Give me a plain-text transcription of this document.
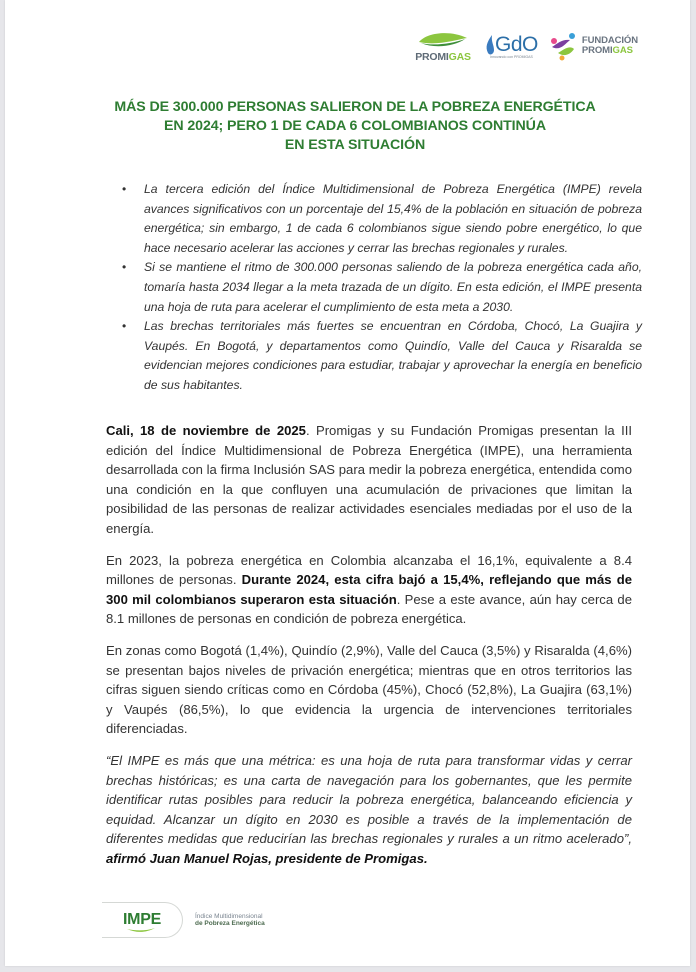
PROMIGAS
GdO
Innovando con PROMIGAS
FUNDACIÓN
PROMIGAS
MÁS DE 300.000 PERSONAS SALIERON DE LA POBREZA ENERGÉTICA
EN 2024; PERO 1 DE CADA 6 COLOMBIANOS CONTINÚA
EN ESTA SITUACIÓN
• La tercera edición del Índice Multidimensional de Pobreza Energética (IMPE) revela avances significativos con un porcentaje del 15,4% de la población en situación de pobreza energética; sin embargo, 1 de cada 6 colombianos sigue siendo pobre energético, lo que hace necesario acelerar las acciones y cerrar las brechas regionales y rurales.
• Si se mantiene el ritmo de 300.000 personas saliendo de la pobreza energética cada año, tomaría hasta 2034 llegar a la meta trazada de un dígito. En esta edición, el IMPE presenta una hoja de ruta para acelerar el cumplimiento de esta meta a 2030.
• Las brechas territoriales más fuertes se encuentran en Córdoba, Chocó, La Guajira y Vaupés. En Bogotá, y departamentos como Quindío, Valle del Cauca y Risaralda se evidencian mejores condiciones para estudiar, trabajar y aprovechar la energía en beneficio de sus habitantes.

Cali, 18 de noviembre de 2025. Promigas y su Fundación Promigas presentan la III edición del Índice Multidimensional de Pobreza Energética (IMPE), una herramienta desarrollada con la firma Inclusión SAS para medir la pobreza energética, entendida como una condición en la que confluyen una acumulación de privaciones que limitan la posibilidad de las personas de realizar actividades esenciales mediadas por el uso de la energía.

En 2023, la pobreza energética en Colombia alcanzaba el 16,1%, equivalente a 8.4 millones de personas. Durante 2024, esta cifra bajó a 15,4%, reflejando que más de 300 mil colombianos superaron esta situación. Pese a este avance, aún hay cerca de 8.1 millones de personas en condición de pobreza energética.

En zonas como Bogotá (1,4%), Quindío (2,9%), Valle del Cauca (3,5%) y Risaralda (4,6%) se presentan bajos niveles de privación energética; mientras que en otros territorios las cifras siguen siendo críticas como en Córdoba (45%), Chocó (52,8%), La Guajira (63,1%) y Vaupés (86,5%), lo que evidencia la urgencia de intervenciones territoriales diferenciadas.

“El IMPE es más que una métrica: es una hoja de ruta para transformar vidas y cerrar brechas históricas; es una carta de navegación para los gobernantes, que les permite identificar rutas posibles para reducir la pobreza energética, balanceando eficiencia y equidad. Alcanzar un dígito en 2030 es posible a través de la implementación de diferentes medidas que reducirían las brechas regionales y rurales a un ritmo acelerado”, afirmó Juan Manuel Rojas, presidente de Promigas.

IMPE	Índice Multidimensional
de Pobreza Energética
